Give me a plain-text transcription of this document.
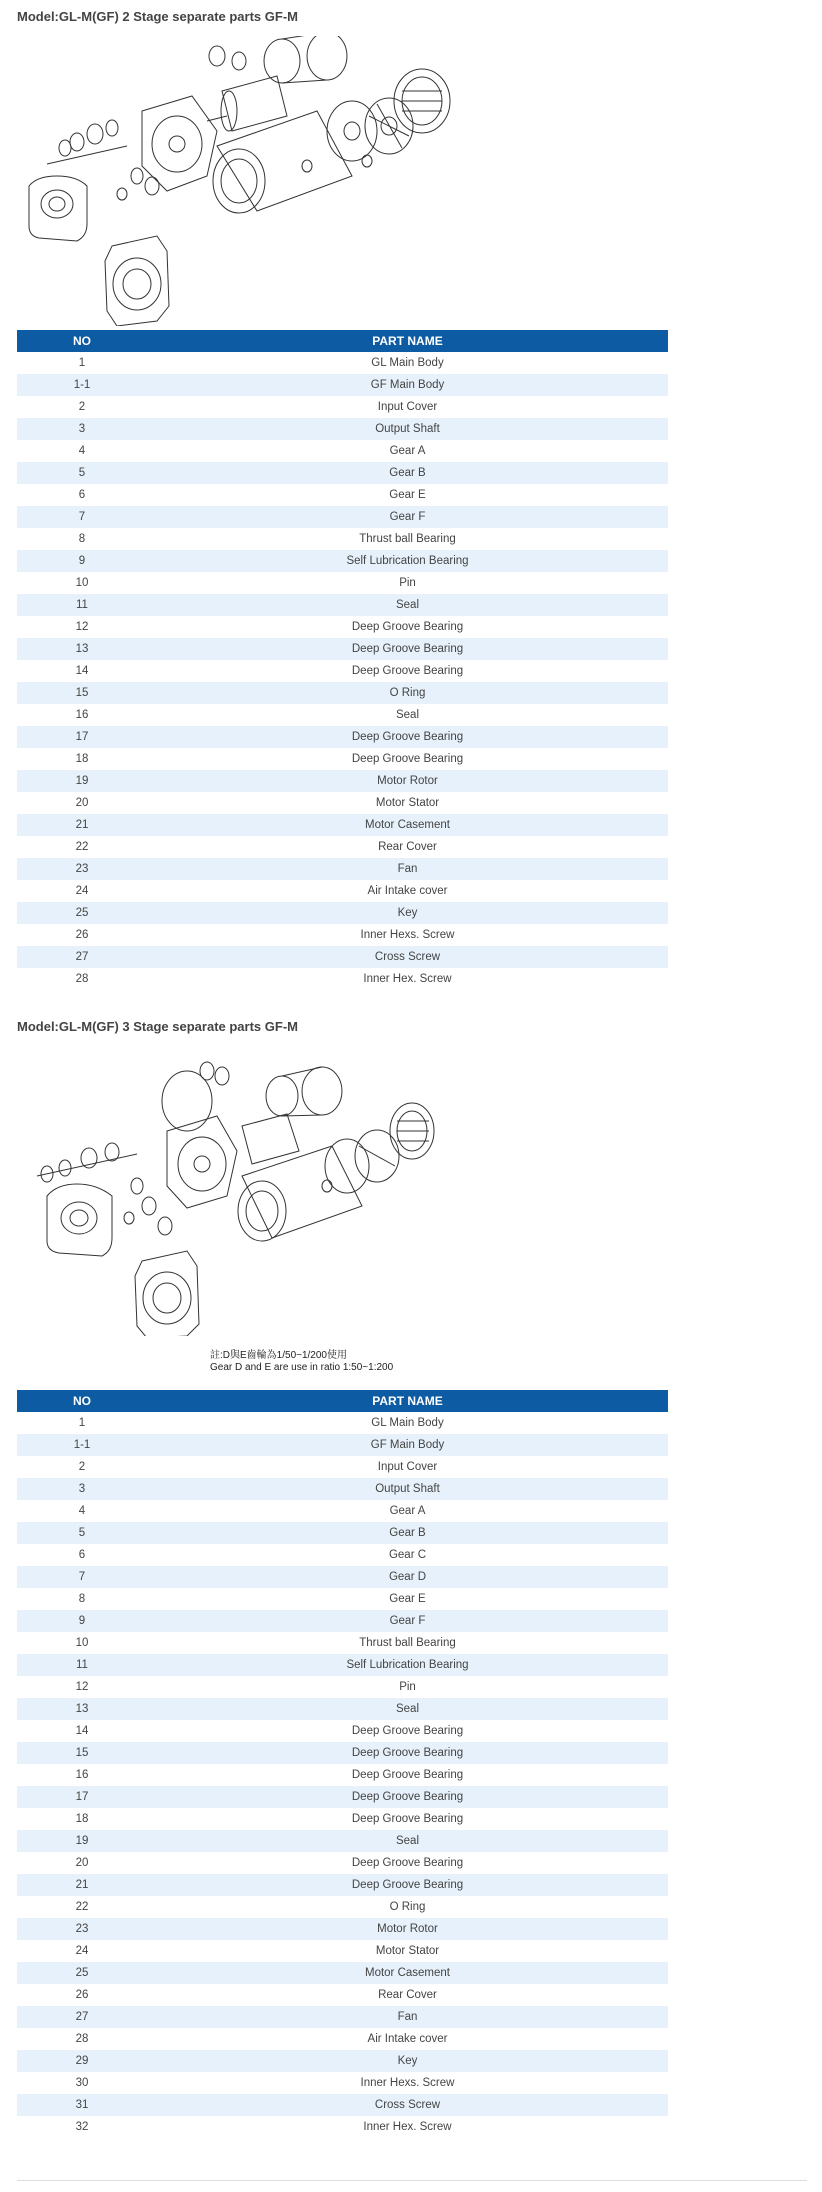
Model:GL-M(GF) 2 Stage separate parts GF-M
NO	PART NAME
1	GL Main Body
1-1	GF Main Body
2	Input Cover
3	Output Shaft
4	Gear A
5	Gear B
6	Gear E
7	Gear F
8	Thrust ball Bearing
9	Self Lubrication Bearing
10	Pin
11	Seal
12	Deep Groove Bearing
13	Deep Groove Bearing
14	Deep Groove Bearing
15	O Ring
16	Seal
17	Deep Groove Bearing
18	Deep Groove Bearing
19	Motor Rotor
20	Motor Stator
21	Motor Casement
22	Rear Cover
23	Fan
24	Air Intake cover
25	Key
26	Inner Hexs. Screw
27	Cross Screw
28	Inner Hex. Screw
Model:GL-M(GF) 3 Stage separate parts GF-M
註:D與E齒輪為1/50~1/200使用
Gear D and E are use in ratio 1:50~1:200
NO	PART NAME
1	GL Main Body
1-1	GF Main Body
2	Input Cover
3	Output Shaft
4	Gear A
5	Gear B
6	Gear C
7	Gear D
8	Gear E
9	Gear F
10	Thrust ball Bearing
11	Self Lubrication Bearing
12	Pin
13	Seal
14	Deep Groove Bearing
15	Deep Groove Bearing
16	Deep Groove Bearing
17	Deep Groove Bearing
18	Deep Groove Bearing
19	Seal
20	Deep Groove Bearing
21	Deep Groove Bearing
22	O Ring
23	Motor Rotor
24	Motor Stator
25	Motor Casement
26	Rear Cover
27	Fan
28	Air Intake cover
29	Key
30	Inner Hexs. Screw
31	Cross Screw
32	Inner Hex. Screw
